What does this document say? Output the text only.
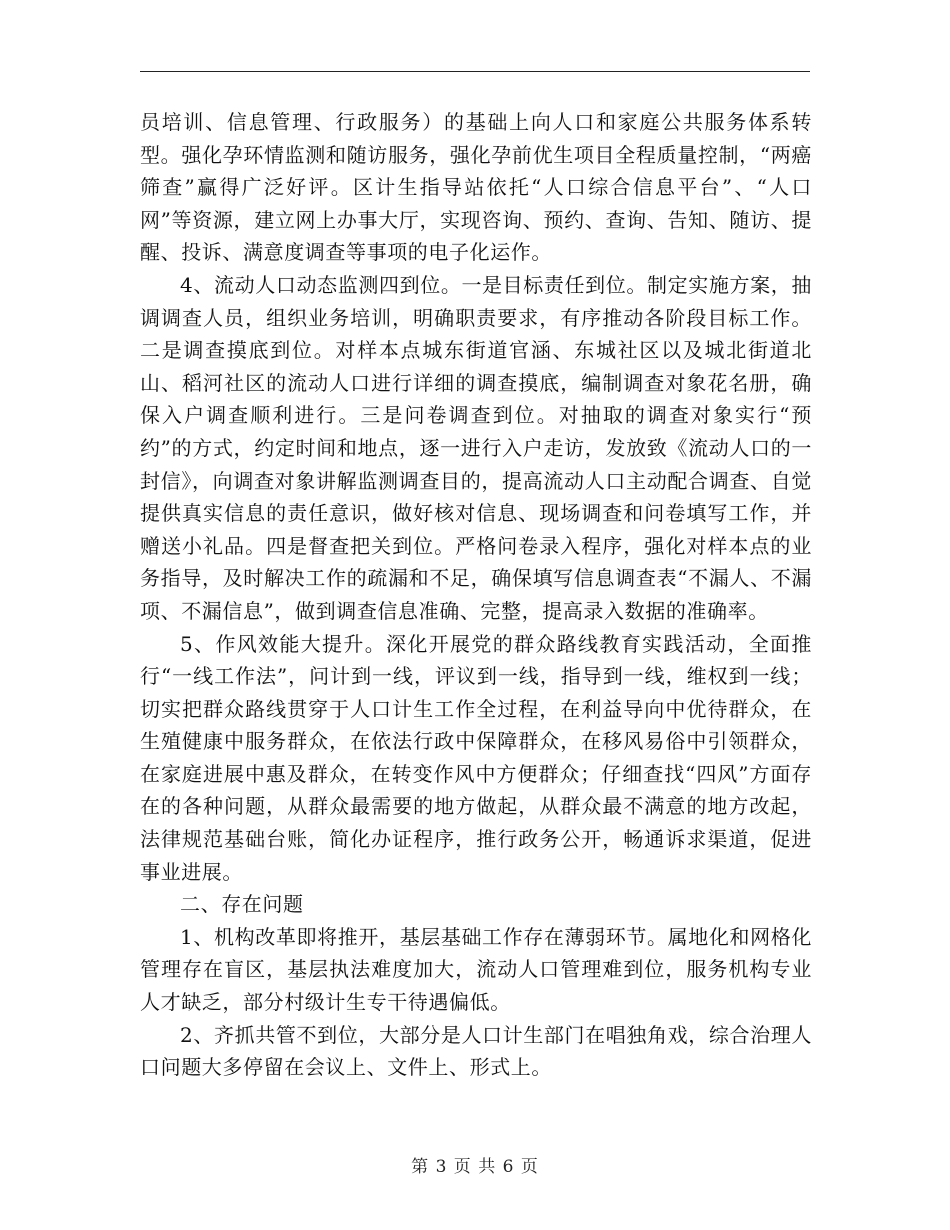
员培训、信息管理、行政服务）的基础上向人口和家庭公共服务体系转型。强化孕环情监测和随访服务，强化孕前优生项目全程质量控制，“两癌筛查”赢得广泛好评。区计生指导站依托“人口综合信息平台”、“人口网”等资源，建立网上办事大厅，实现咨询、预约、查询、告知、随访、提醒、投诉、满意度调查等事项的电子化运作。

4、流动人口动态监测四到位。一是目标责任到位。制定实施方案，抽调调查人员，组织业务培训，明确职责要求，有序推动各阶段目标工作。二是调查摸底到位。对样本点城东街道官涵、东城社区以及城北街道北山、稻河社区的流动人口进行详细的调查摸底，编制调查对象花名册，确保入户调查顺利进行。三是问卷调查到位。对抽取的调查对象实行“预约”的方式，约定时间和地点，逐一进行入户走访，发放致《流动人口的一封信》，向调查对象讲解监测调查目的，提高流动人口主动配合调查、自觉提供真实信息的责任意识，做好核对信息、现场调查和问卷填写工作，并赠送小礼品。四是督查把关到位。严格问卷录入程序，强化对样本点的业务指导，及时解决工作的疏漏和不足，确保填写信息调查表“不漏人、不漏项、不漏信息”，做到调查信息准确、完整，提高录入数据的准确率。

5、作风效能大提升。深化开展党的群众路线教育实践活动，全面推行“一线工作法”，问计到一线，评议到一线，指导到一线，维权到一线；切实把群众路线贯穿于人口计生工作全过程，在利益导向中优待群众，在生殖健康中服务群众，在依法行政中保障群众，在移风易俗中引领群众，在家庭进展中惠及群众，在转变作风中方便群众；仔细查找“四风”方面存在的各种问题，从群众最需要的地方做起，从群众最不满意的地方改起，法律规范基础台账，简化办证程序，推行政务公开，畅通诉求渠道，促进事业进展。

二、存在问题

1、机构改革即将推开，基层基础工作存在薄弱环节。属地化和网格化管理存在盲区，基层执法难度加大，流动人口管理难到位，服务机构专业人才缺乏，部分村级计生专干待遇偏低。

2、齐抓共管不到位，大部分是人口计生部门在唱独角戏，综合治理人口问题大多停留在会议上、文件上、形式上。

第 3 页 共 6 页
